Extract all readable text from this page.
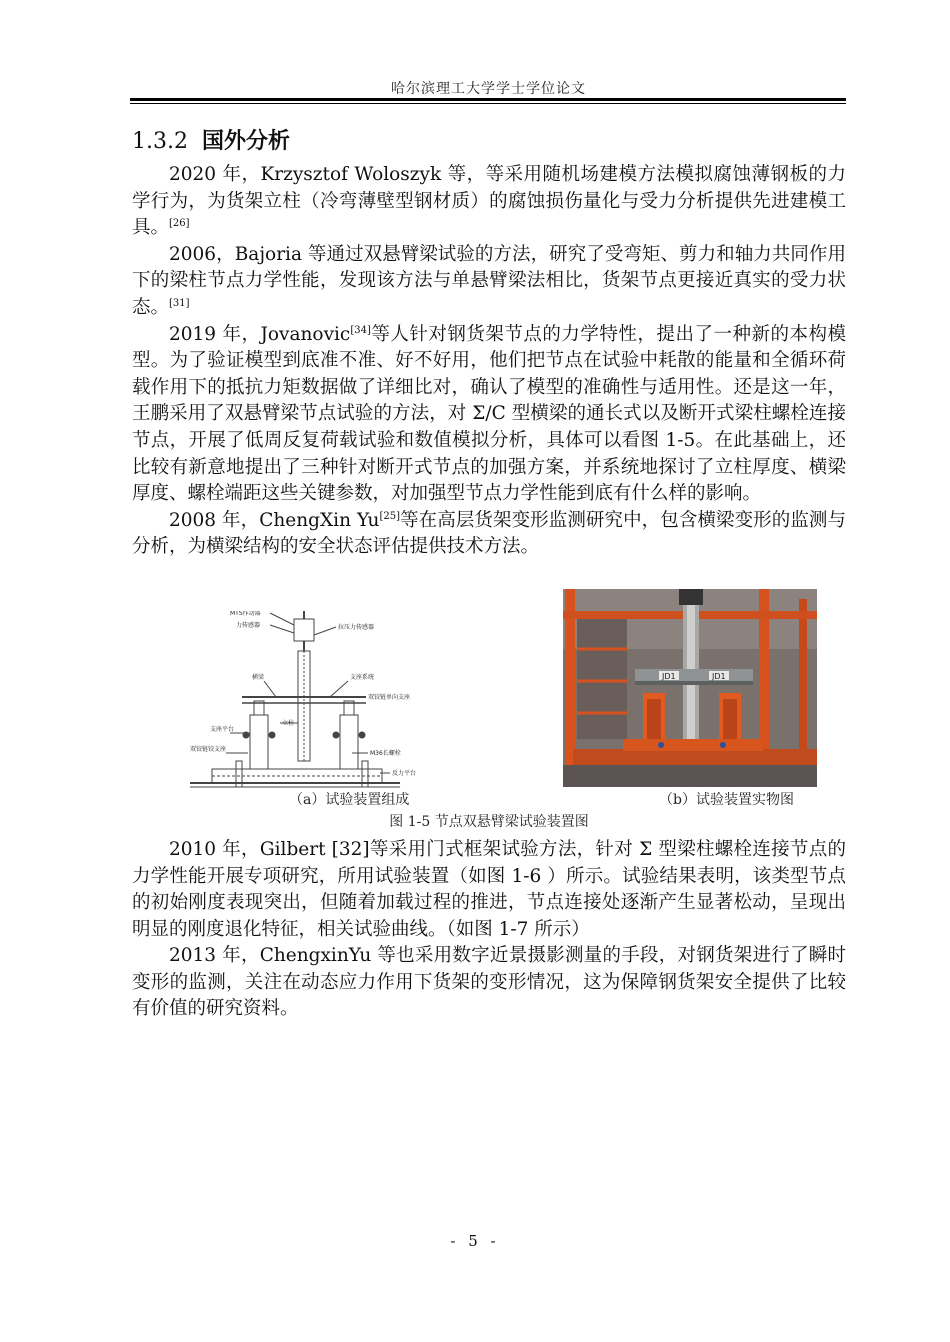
哈尔滨理工大学学士学位论文
1.3.2 国外分析

2020 年，Krzysztof Woloszyk 等，等采用随机场建模方法模拟腐蚀薄钢板的力学行为，为货架立柱（冷弯薄壁型钢材质）的腐蚀损伤量化与受力分析提供先进建模工具。[26]

2006，Bajoria 等通过双悬臂梁试验的方法，研究了受弯矩、剪力和轴力共同作用下的梁柱节点力学性能，发现该方法与单悬臂梁法相比，货架节点更接近真实的受力状态。[31]

2019 年，Jovanovic[34]等人针对钢货架节点的力学特性，提出了一种新的本构模型。为了验证模型到底准不准、好不好用，他们把节点在试验中耗散的能量和全循环荷载作用下的抵抗力矩数据做了详细比对，确认了模型的准确性与适用性。还是这一年，王鹏采用了双悬臂梁节点试验的方法，对 Σ/C 型横梁的通长式以及断开式梁柱螺栓连接节点，开展了低周反复荷载试验和数值模拟分析，具体可以看图 1-5。在此基础上，还比较有新意地提出了三种针对断开式节点的加强方案，并系统地探讨了立柱厚度、横梁厚度、螺栓端距这些关键参数，对加强型节点力学性能到底有什么样的影响。

2008 年，ChengXin Yu[25]等在高层货架变形监测研究中，包含横梁变形的监测与分析，为横梁结构的安全状态评估提供技术方法。

MTS作动器
力传感器	拉压力传感器
横梁	支座系统
双铰链单向支座
立柱
支座平台
双铰链铰支座
M36长螺栓
反力平台
JD1	JD1
（a）试验装置组成	（b）试验装置实物图
图 1-5 节点双悬臂梁试验装置图

2010 年，Gilbert [32]等采用门式框架试验方法，针对 Σ 型梁柱螺栓连接节点的力学性能开展专项研究，所用试验装置（如图 1-6 ）所示。试验结果表明，该类型节点的初始刚度表现突出，但随着加载过程的推进，节点连接处逐渐产生显著松动，呈现出明显的刚度退化特征，相关试验曲线。（如图 1-7 所示）

2013 年，ChengxinYu 等也采用数字近景摄影测量的手段，对钢货架进行了瞬时变形的监测，关注在动态应力作用下货架的变形情况，这为保障钢货架安全提供了比较有价值的研究资料。

- 5 -
